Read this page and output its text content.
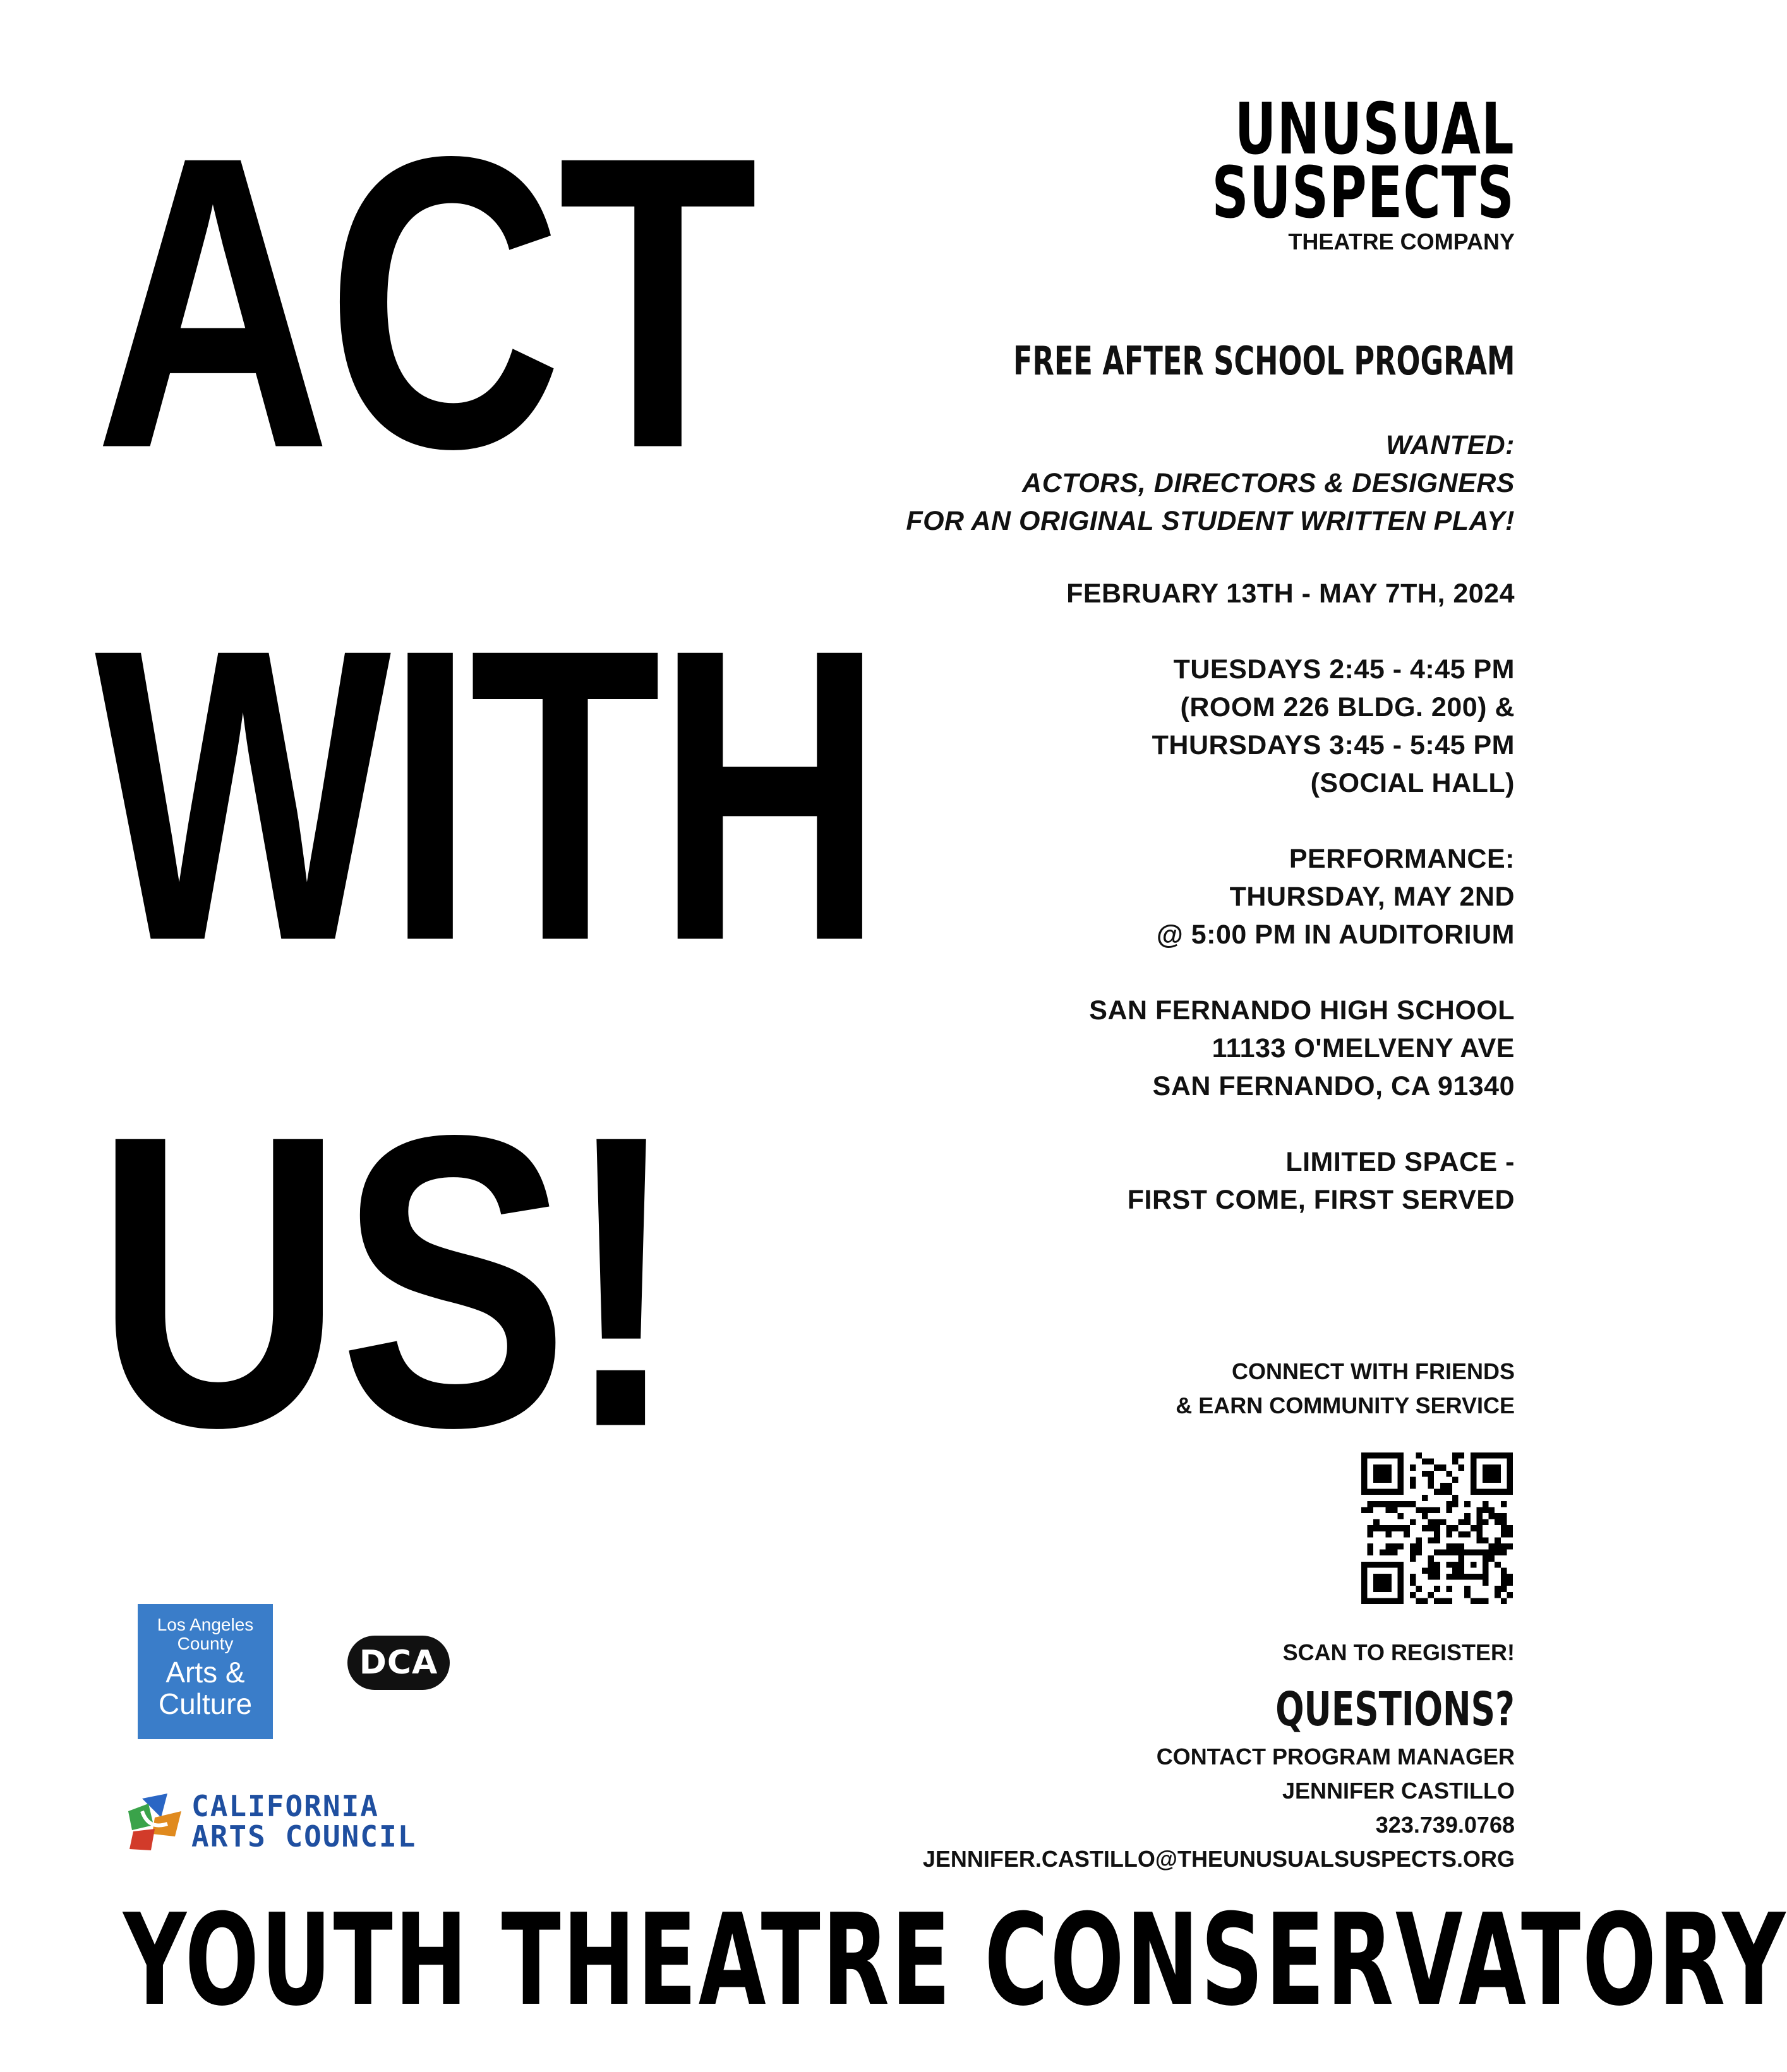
ACT
WITH
US!
UNUSUAL
SUSPECTS
THEATRE COMPANY
FREE AFTER SCHOOL PROGRAM
WANTED:
ACTORS, DIRECTORS & DESIGNERS
FOR AN ORIGINAL STUDENT WRITTEN PLAY!
FEBRUARY 13TH - MAY 7TH, 2024
TUESDAYS 2:45 - 4:45 PM
(ROOM 226 BLDG. 200) &
THURSDAYS 3:45 - 5:45 PM
(SOCIAL HALL)
PERFORMANCE:
THURSDAY, MAY 2ND
@ 5:00 PM IN AUDITORIUM
SAN FERNANDO HIGH SCHOOL
11133 O'MELVENY AVE
SAN FERNANDO, CA 91340
LIMITED SPACE -
FIRST COME, FIRST SERVED
CONNECT WITH FRIENDS
& EARN COMMUNITY SERVICE
SCAN TO REGISTER!
QUESTIONS?
CONTACT PROGRAM MANAGER
JENNIFER CASTILLO
323.739.0768
JENNIFER.CASTILLO@THEUNUSUALSUSPECTS.ORG
Los Angeles
County
Arts &
Culture
DCA
CALIFORNIA
ARTS COUNCIL
YOUTH THEATRE CONSERVATORY
